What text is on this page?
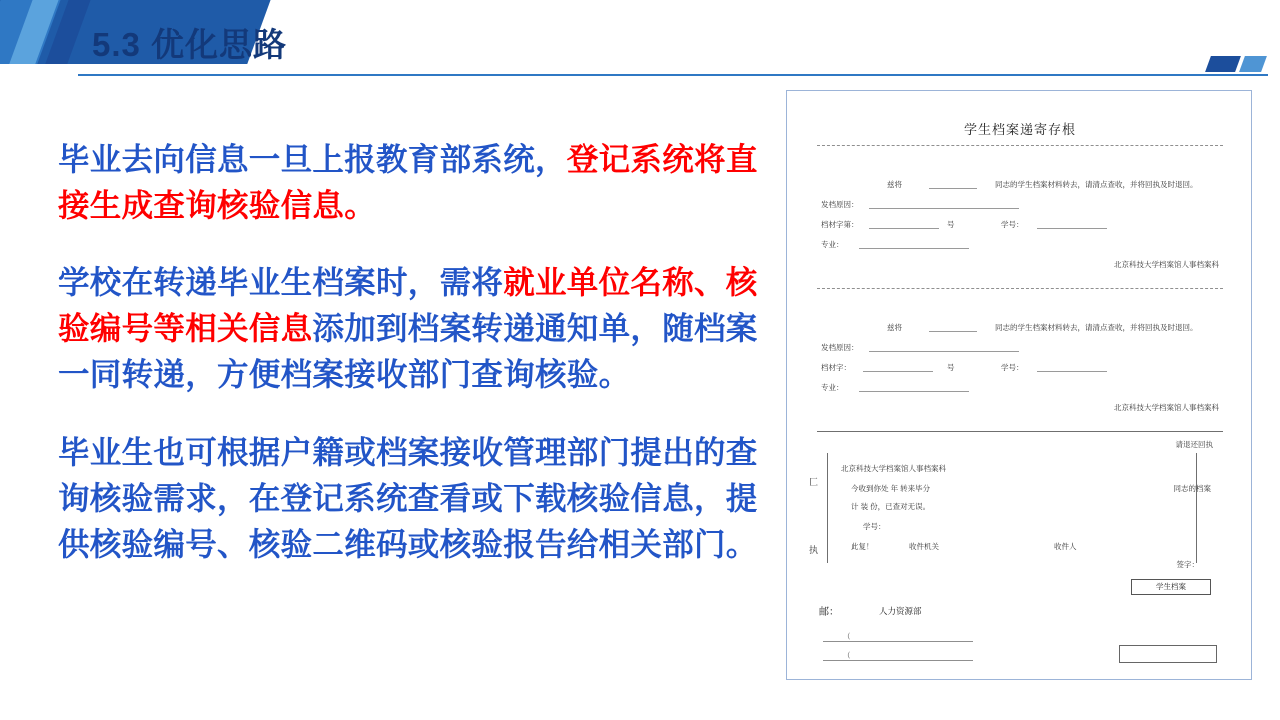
5.3 优化思路

毕业去向信息一旦上报教育部系统，登记系统将直接生成查询核验信息。

学校在转递毕业生档案时，需将就业单位名称、核验编号等相关信息添加到档案转递通知单，随档案一同转递，方便档案接收部门查询核验。

毕业生也可根据户籍或档案接收管理部门提出的查询核验需求，在登记系统查看或下载核验信息，提供核验编号、核验二维码或核验报告给相关部门。

学生档案递寄存根
兹将	同志的学生档案材料转去，请清点查收，并将回执及时退回。
发档原因：
档材字第：	号	学号：
专业：
北京科技大学档案馆人事档案科
兹将	同志的学生档案材料转去，请清点查收，并将回执及时退回。
发档原因：
档材字：	号	学号：
专业：
北京科技大学档案馆人事档案科
请退还回执
匚
执
北京科技大学档案馆人事档案科
今收到你处 年 转来毕分	同志的档案
计 装 份，已查对无误。
学号：
此复！	收件机关	收件人
签字：
学生档案
邮：	人力资源部
（
（
